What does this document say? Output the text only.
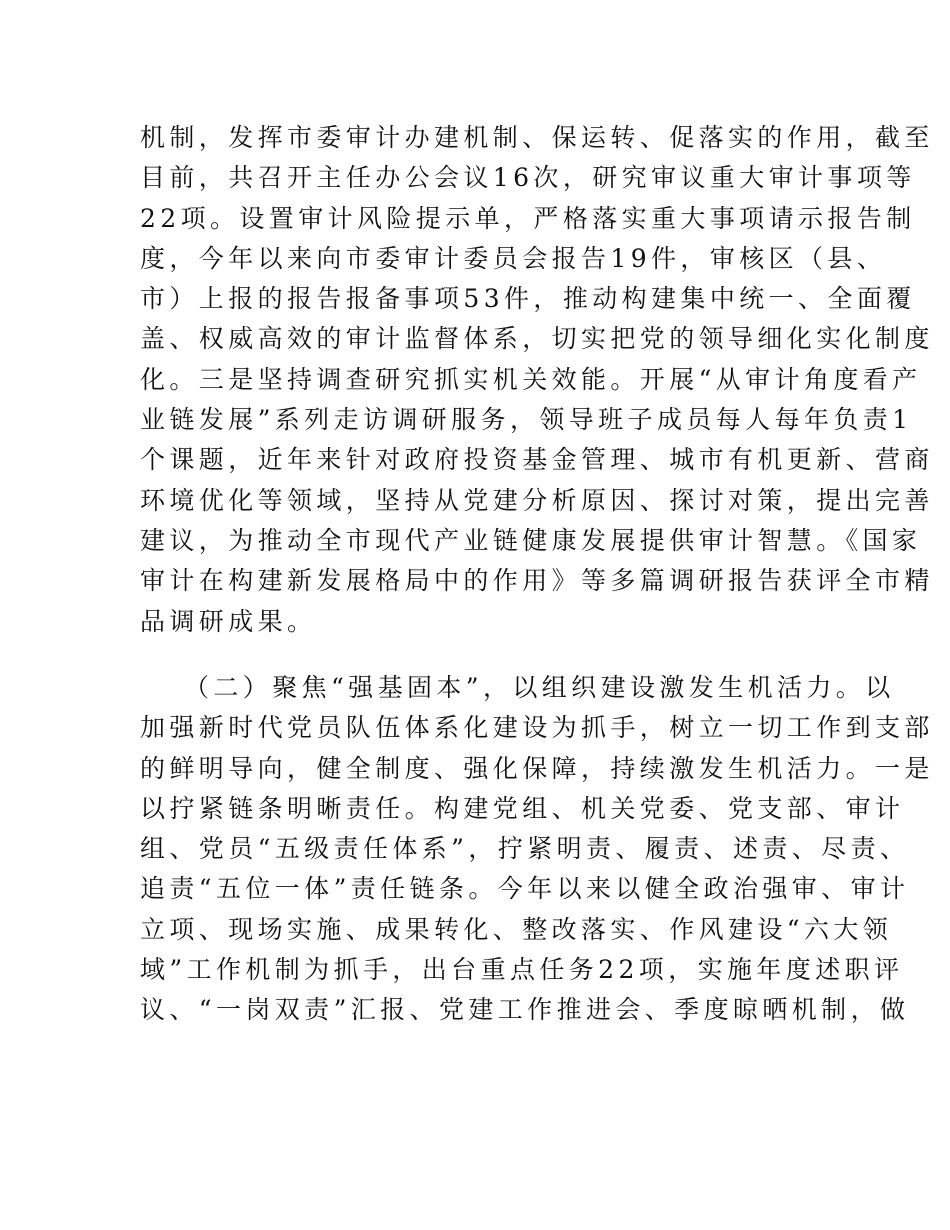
机制，发挥市委审计办建机制、保运转、促落实的作用，截至
目前，共召开主任办公会议16次，研究审议重大审计事项等
22项。设置审计风险提示单，严格落实重大事项请示报告制
度，今年以来向市委审计委员会报告19件，审核区（县、
市）上报的报告报备事项53件，推动构建集中统一、全面覆
盖、权威高效的审计监督体系，切实把党的领导细化实化制度
化。三是坚持调查研究抓实机关效能。开展“从审计角度看产
业链发展”系列走访调研服务，领导班子成员每人每年负责1
个课题，近年来针对政府投资基金管理、城市有机更新、营商
环境优化等领域，坚持从党建分析原因、探讨对策，提出完善
建议，为推动全市现代产业链健康发展提供审计智慧。《国家
审计在构建新发展格局中的作用》等多篇调研报告获评全市精
品调研成果。
（二）聚焦“强基固本”，以组织建设激发生机活力。以
加强新时代党员队伍体系化建设为抓手，树立一切工作到支部
的鲜明导向，健全制度、强化保障，持续激发生机活力。一是
以拧紧链条明晰责任。构建党组、机关党委、党支部、审计
组、党员“五级责任体系”，拧紧明责、履责、述责、尽责、
追责“五位一体”责任链条。今年以来以健全政治强审、审计
立项、现场实施、成果转化、整改落实、作风建设“六大领
域”工作机制为抓手，出台重点任务22项，实施年度述职评
议、“一岗双责”汇报、党建工作推进会、季度晾晒机制，做
